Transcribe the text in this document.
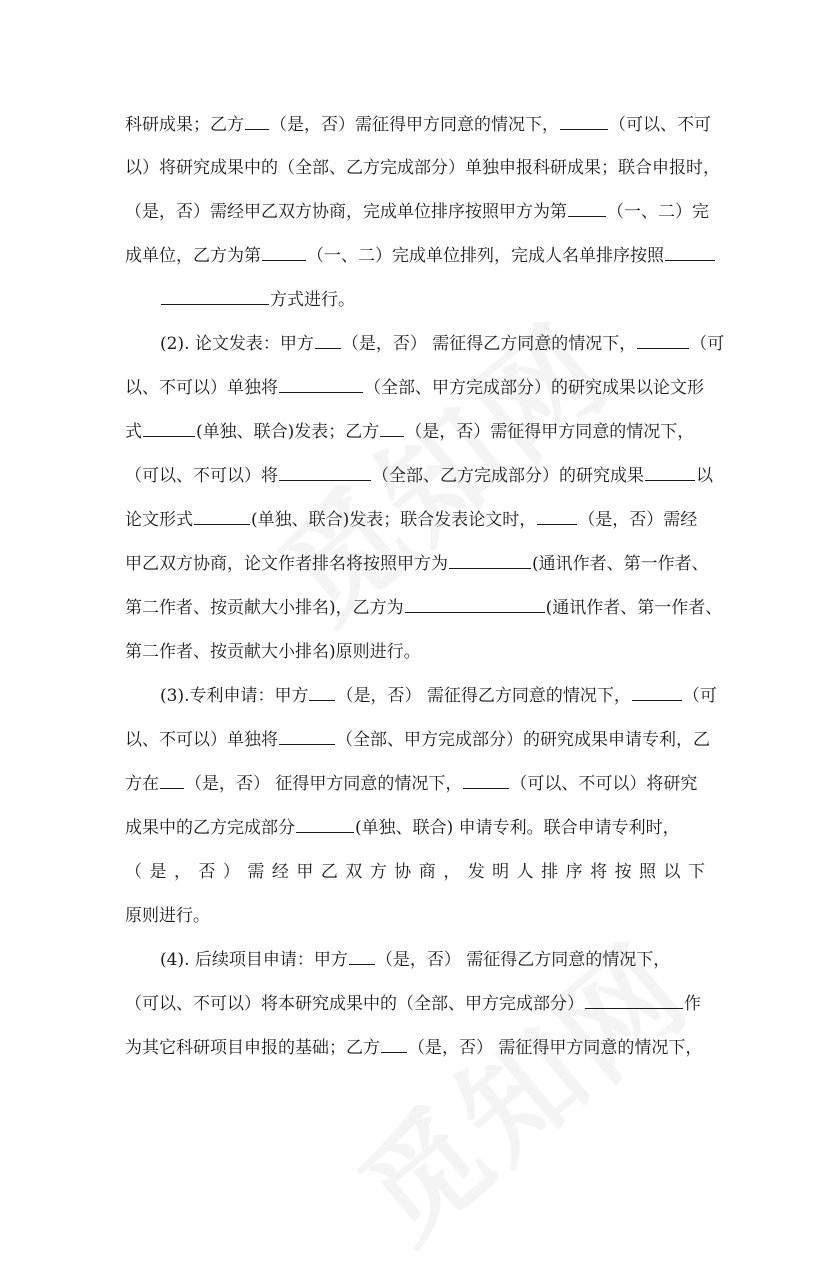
科研成果；乙方 （是，否）需征得甲方同意的情况下，	（可以、不可
以）将研究成果中的（全部、乙方完成部分）单独申报科研成果；联合申报时，
（是，否）需经甲乙双方协商，完成单位排序按照甲方为第 （一、二）完
成单位，乙方为第	（一、二）完成单位排列，完成人名单排序按照
方式进行。
(2). 论文发表：甲方 （是，否） 需征得乙方同意的情况下，	（可
以、不可以）单独将	（全部、甲方完成部分）的研究成果以论文形
式	(单独、联合)发表；乙方 （是，否）需征得甲方同意的情况下，
（可以、不可以）将	（全部、乙方完成部分）的研究成果	以
论文形式	(单独、联合)发表；联合发表论文时， （是，否）需经
甲乙双方协商，论文作者排名将按照甲方为	(通讯作者、第一作者、
第二作者、按贡献大小排名)，乙方为	(通讯作者、第一作者、
第二作者、按贡献大小排名)原则进行。
(3).专利申请：甲方 （是，否） 需征得乙方同意的情况下，	（可
以、不可以）单独将	（全部、甲方完成部分）的研究成果申请专利，乙
方在 （是，否） 征得甲方同意的情况下，	（可以、不可以）将研究
成果中的乙方完成部分	(单独、联合) 申请专利。联合申请专利时，
（是，否）需经甲乙双方协商，发明人排序将按照以下
原则进行。
(4). 后续项目申请：甲方 （是，否） 需征得乙方同意的情况下，
（可以、不可以）将本研究成果中的（全部、甲方完成部分）	作
为其它科研项目申报的基础；乙方 （是，否） 需征得甲方同意的情况下，
